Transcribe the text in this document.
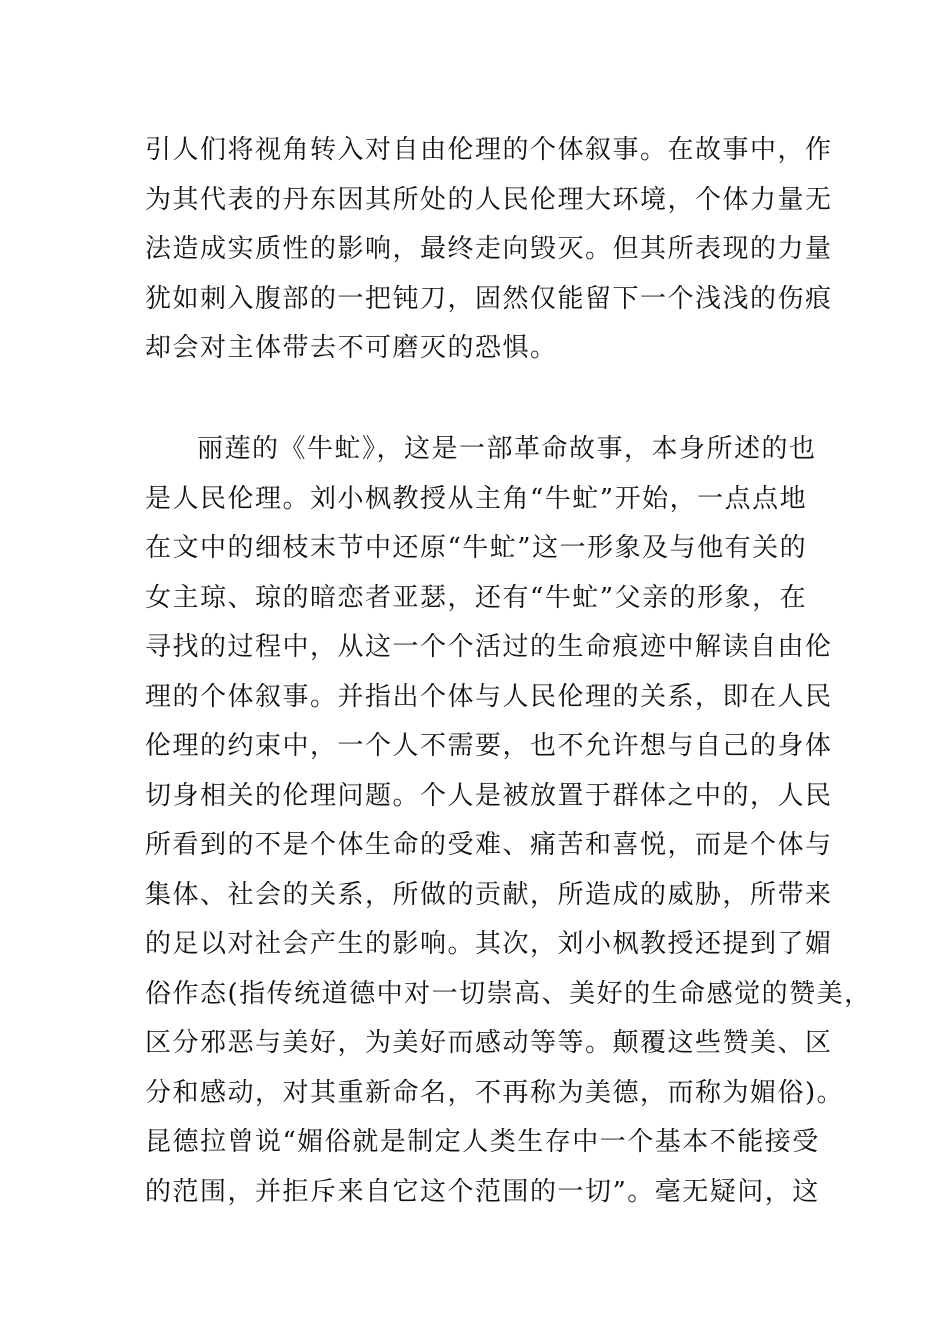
引人们将视角转入对自由伦理的个体叙事。在故事中，作
为其代表的丹东因其所处的人民伦理大环境，个体力量无
法造成实质性的影响，最终走向毁灭。但其所表现的力量
犹如刺入腹部的一把钝刀，固然仅能留下一个浅浅的伤痕
却会对主体带去不可磨灭的恐惧。
丽莲的《牛虻》，这是一部革命故事，本身所述的也
是人民伦理。刘小枫教授从主角“牛虻”开始，一点点地
在文中的细枝末节中还原“牛虻”这一形象及与他有关的
女主琼、琼的暗恋者亚瑟，还有“牛虻”父亲的形象，在
寻找的过程中，从这一个个活过的生命痕迹中解读自由伦
理的个体叙事。并指出个体与人民伦理的关系，即在人民
伦理的约束中，一个人不需要，也不允许想与自己的身体
切身相关的伦理问题。个人是被放置于群体之中的，人民
所看到的不是个体生命的受难、痛苦和喜悦，而是个体与
集体、社会的关系，所做的贡献，所造成的威胁，所带来
的足以对社会产生的影响。其次，刘小枫教授还提到了媚
俗作态(指传统道德中对一切崇高、美好的生命感觉的赞美，
区分邪恶与美好，为美好而感动等等。颠覆这些赞美、区
分和感动，对其重新命名，不再称为美德，而称为媚俗)。
昆德拉曾说“媚俗就是制定人类生存中一个基本不能接受
的范围，并拒斥来自它这个范围的一切”。毫无疑问，这
